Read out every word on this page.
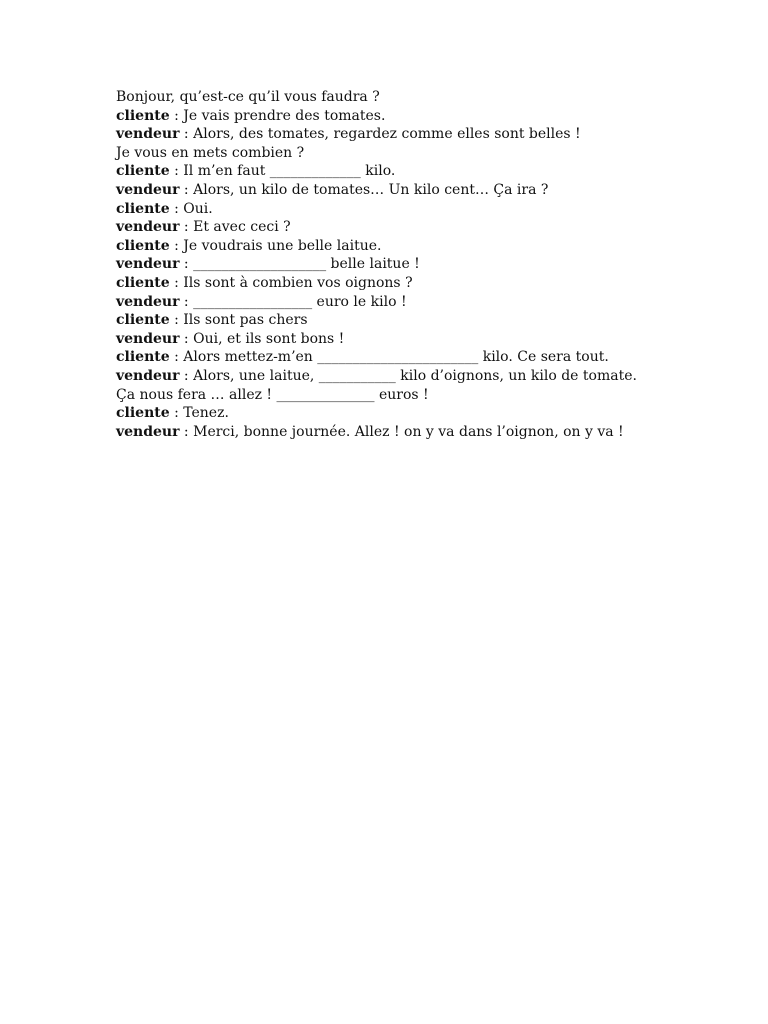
Bonjour, qu’est-ce qu’il vous faudra ?
cliente : Je vais prendre des tomates.
vendeur : Alors, des tomates, regardez comme elles sont belles !
Je vous en mets combien ?
cliente : Il m’en faut _____________ kilo.
vendeur : Alors, un kilo de tomates… Un kilo cent… Ça ira ?
cliente : Oui.
vendeur : Et avec ceci ?
cliente : Je voudrais une belle laitue.
vendeur : ___________________ belle laitue !
cliente : Ils sont à combien vos oignons ?
vendeur : _________________ euro le kilo !
cliente : Ils sont pas chers
vendeur : Oui, et ils sont bons !
cliente : Alors mettez-m’en _______________________ kilo. Ce sera tout.
vendeur : Alors, une laitue, ___________ kilo d’oignons, un kilo de tomate.
Ça nous fera … allez ! ______________ euros !
cliente : Tenez.
vendeur : Merci, bonne journée. Allez ! on y va dans l’oignon, on y va !
